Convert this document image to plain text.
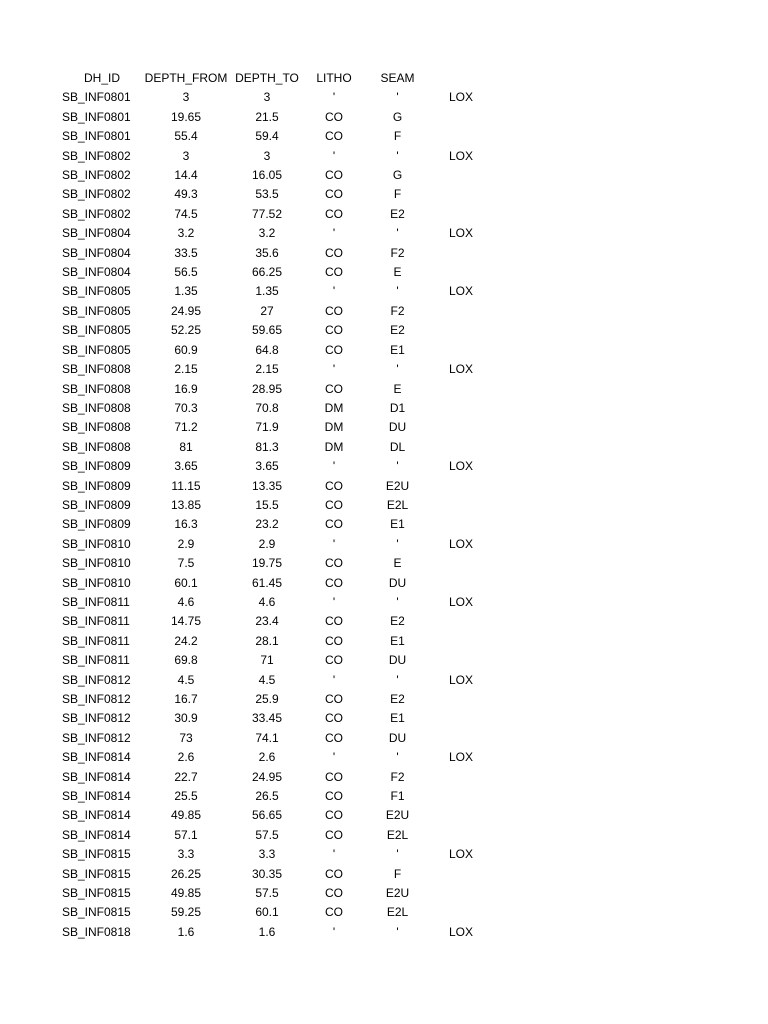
DH_ID	DEPTH_FROM	DEPTH_TO	LITHO	SEAM	
SB_INF0801	3	3	'	'	LOX
SB_INF0801	19.65	21.5	CO	G	
SB_INF0801	55.4	59.4	CO	F	
SB_INF0802	3	3	'	'	LOX
SB_INF0802	14.4	16.05	CO	G	
SB_INF0802	49.3	53.5	CO	F	
SB_INF0802	74.5	77.52	CO	E2	
SB_INF0804	3.2	3.2	'	'	LOX
SB_INF0804	33.5	35.6	CO	F2	
SB_INF0804	56.5	66.25	CO	E	
SB_INF0805	1.35	1.35	'	'	LOX
SB_INF0805	24.95	27	CO	F2	
SB_INF0805	52.25	59.65	CO	E2	
SB_INF0805	60.9	64.8	CO	E1	
SB_INF0808	2.15	2.15	'	'	LOX
SB_INF0808	16.9	28.95	CO	E	
SB_INF0808	70.3	70.8	DM	D1	
SB_INF0808	71.2	71.9	DM	DU	
SB_INF0808	81	81.3	DM	DL	
SB_INF0809	3.65	3.65	'	'	LOX
SB_INF0809	11.15	13.35	CO	E2U	
SB_INF0809	13.85	15.5	CO	E2L	
SB_INF0809	16.3	23.2	CO	E1	
SB_INF0810	2.9	2.9	'	'	LOX
SB_INF0810	7.5	19.75	CO	E	
SB_INF0810	60.1	61.45	CO	DU	
SB_INF0811	4.6	4.6	'	'	LOX
SB_INF0811	14.75	23.4	CO	E2	
SB_INF0811	24.2	28.1	CO	E1	
SB_INF0811	69.8	71	CO	DU	
SB_INF0812	4.5	4.5	'	'	LOX
SB_INF0812	16.7	25.9	CO	E2	
SB_INF0812	30.9	33.45	CO	E1	
SB_INF0812	73	74.1	CO	DU	
SB_INF0814	2.6	2.6	'	'	LOX
SB_INF0814	22.7	24.95	CO	F2	
SB_INF0814	25.5	26.5	CO	F1	
SB_INF0814	49.85	56.65	CO	E2U	
SB_INF0814	57.1	57.5	CO	E2L	
SB_INF0815	3.3	3.3	'	'	LOX
SB_INF0815	26.25	30.35	CO	F	
SB_INF0815	49.85	57.5	CO	E2U	
SB_INF0815	59.25	60.1	CO	E2L	
SB_INF0818	1.6	1.6	'	'	LOX
